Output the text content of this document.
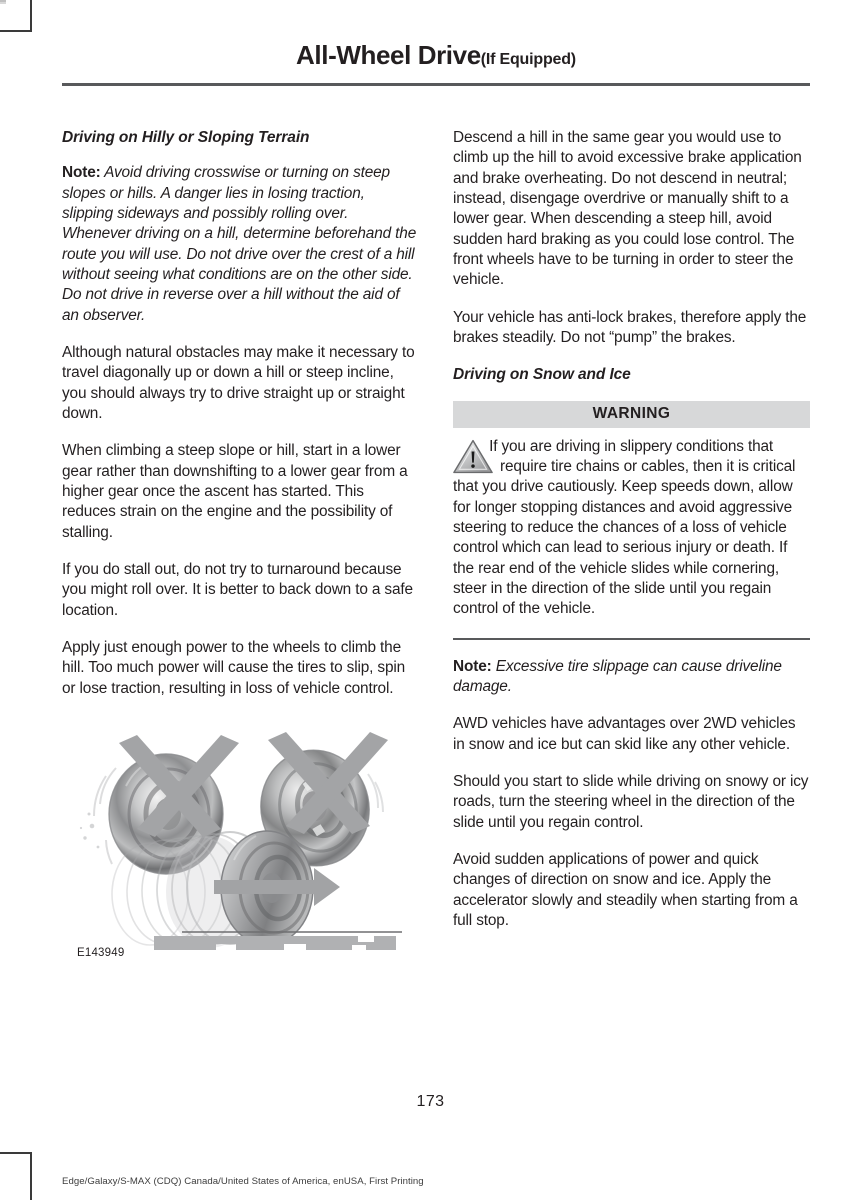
All-Wheel Drive(If Equipped)
Driving on Hilly or Sloping Terrain

Note: Avoid driving crosswise or turning on steep slopes or hills. A danger lies in losing traction, slipping sideways and possibly rolling over. Whenever driving on a hill, determine beforehand the route you will use. Do not drive over the crest of a hill without seeing what conditions are on the other side. Do not drive in reverse over a hill without the aid of an observer.

Although natural obstacles may make it necessary to travel diagonally up or down a hill or steep incline, you should always try to drive straight up or straight down.

When climbing a steep slope or hill, start in a lower gear rather than downshifting to a lower gear from a higher gear once the ascent has started. This reduces strain on the engine and the possibility of stalling.

If you do stall out, do not try to turnaround because you might roll over. It is better to back down to a safe location.

Apply just enough power to the wheels to climb the hill. Too much power will cause the tires to slip, spin or lose traction, resulting in loss of vehicle control.

E143949

Descend a hill in the same gear you would use to climb up the hill to avoid excessive brake application and brake overheating. Do not descend in neutral; instead, disengage overdrive or manually shift to a lower gear. When descending a steep hill, avoid sudden hard braking as you could lose control. The front wheels have to be turning in order to steer the vehicle.

Your vehicle has anti-lock brakes, therefore apply the brakes steadily. Do not “pump” the brakes.

Driving on Snow and Ice
WARNING

If you are driving in slippery conditions that require tire chains or cables, then it is critical that you drive cautiously. Keep speeds down, allow for longer stopping distances and avoid aggressive steering to reduce the chances of a loss of vehicle control which can lead to serious injury or death. If the rear end of the vehicle slides while cornering, steer in the direction of the slide until you regain control of the vehicle.

Note: Excessive tire slippage can cause driveline damage.

AWD vehicles have advantages over 2WD vehicles in snow and ice but can skid like any other vehicle.

Should you start to slide while driving on snowy or icy roads, turn the steering wheel in the direction of the slide until you regain control.

Avoid sudden applications of power and quick changes of direction on snow and ice. Apply the accelerator slowly and steadily when starting from a full stop.

173
Edge/Galaxy/S-MAX (CDQ) Canada/United States of America, enUSA, First Printing
